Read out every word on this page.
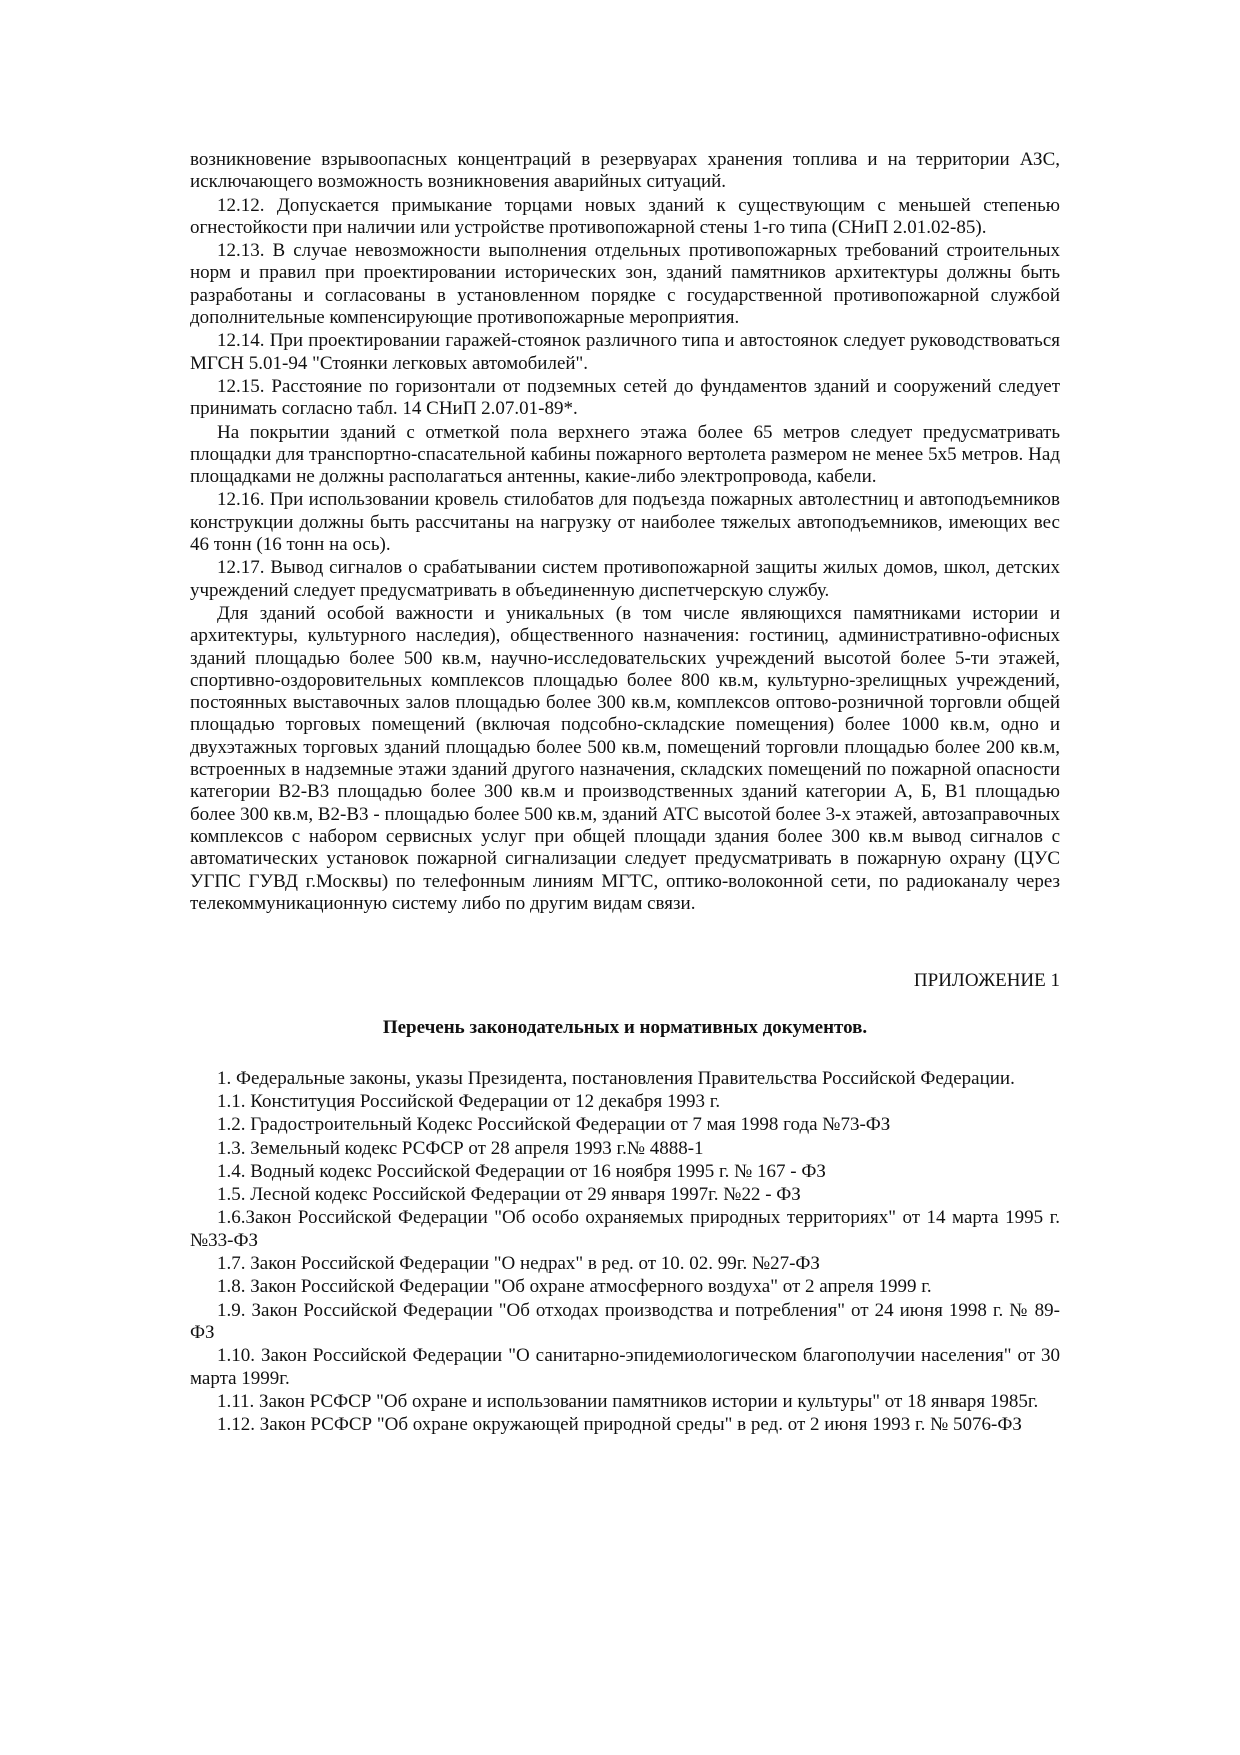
возникновение взрывоопасных концентраций в резервуарах хранения топлива и на территории АЗС, исключающего возможность возникновения аварийных ситуаций.

12.12. Допускается примыкание торцами новых зданий к существующим с меньшей степенью огнестойкости при наличии или устройстве противопожарной стены 1-го типа (СНиП 2.01.02-85).

12.13. В случае невозможности выполнения отдельных противопожарных требований строительных норм и правил при проектировании исторических зон, зданий памятников архитектуры должны быть разработаны и согласованы в установленном порядке с государственной противопожарной службой дополнительные компенсирующие противопожарные мероприятия.

12.14. При проектировании гаражей-стоянок различного типа и автостоянок следует руководствоваться МГСН 5.01-94 "Стоянки легковых автомобилей".

12.15. Расстояние по горизонтали от подземных сетей до фундаментов зданий и сооружений следует принимать согласно табл. 14 СНиП 2.07.01-89*.

На покрытии зданий с отметкой пола верхнего этажа более 65 метров следует предусматривать площадки для транспортно-спасательной кабины пожарного вертолета размером не менее 5х5 метров. Над площадками не должны располагаться антенны, какие-либо электропровода, кабели.

12.16. При использовании кровель стилобатов для подъезда пожарных автолестниц и автоподъемников конструкции должны быть рассчитаны на нагрузку от наиболее тяжелых автоподъемников, имеющих вес 46 тонн (16 тонн на ось).

12.17. Вывод сигналов о срабатывании систем противопожарной защиты жилых домов, школ, детских учреждений следует предусматривать в объединенную диспетчерскую службу.

Для зданий особой важности и уникальных (в том числе являющихся памятниками истории и архитектуры, культурного наследия), общественного назначения: гостиниц, административно-офисных зданий площадью более 500 кв.м, научно-исследовательских учреждений высотой более 5-ти этажей, спортивно-оздоровительных комплексов площадью более 800 кв.м, культурно-зрелищных учреждений, постоянных выставочных залов площадью более 300 кв.м, комплексов оптово-розничной торговли общей площадью торговых помещений (включая подсобно-складские помещения) более 1000 кв.м, одно и двухэтажных торговых зданий площадью более 500 кв.м, помещений торговли площадью более 200 кв.м, встроенных в надземные этажи зданий другого назначения, складских помещений по пожарной опасности категории В2-В3 площадью более 300 кв.м и производственных зданий категории А, Б, В1 площадью более 300 кв.м, В2-В3 - площадью более 500 кв.м, зданий АТС высотой более 3-х этажей, автозаправочных комплексов с набором сервисных услуг при общей площади здания более 300 кв.м вывод сигналов с автоматических установок пожарной сигнализации следует предусматривать в пожарную охрану (ЦУС УГПС ГУВД г.Москвы) по телефонным линиям МГТС, оптико-волоконной сети, по радиоканалу через телекоммуникационную систему либо по другим видам связи.

ПРИЛОЖЕНИЕ 1
Перечень законодательных и нормативных документов.

1. Федеральные законы, указы Президента, постановления Правительства Российской Федерации.

1.1. Конституция Российской Федерации от 12 декабря 1993 г.

1.2. Градостроительный Кодекс Российской Федерации от 7 мая 1998 года №73-ФЗ

1.3. Земельный кодекс РСФСР от 28 апреля 1993 г.№ 4888-1

1.4. Водный кодекс Российской Федерации от 16 ноября 1995 г. № 167 - ФЗ

1.5. Лесной кодекс Российской Федерации от 29 января 1997г. №22 - ФЗ

1.6.Закон Российской Федерации "Об особо охраняемых природных территориях" от 14 марта 1995 г. №33-ФЗ

1.7. Закон Российской Федерации "О недрах" в ред. от 10. 02. 99г. №27-ФЗ

1.8. Закон Российской Федерации "Об охране атмосферного воздуха" от 2 апреля 1999 г.

1.9. Закон Российской Федерации "Об отходах производства и потребления" от 24 июня 1998 г. № 89-ФЗ

1.10. Закон Российской Федерации "О санитарно-эпидемиологическом благополучии населения" от 30 марта 1999г.

1.11. Закон РСФСР "Об охране и использовании памятников истории и культуры" от 18 января 1985г.

1.12. Закон РСФСР "Об охране окружающей природной среды" в ред. от 2 июня 1993 г. № 5076-ФЗ
